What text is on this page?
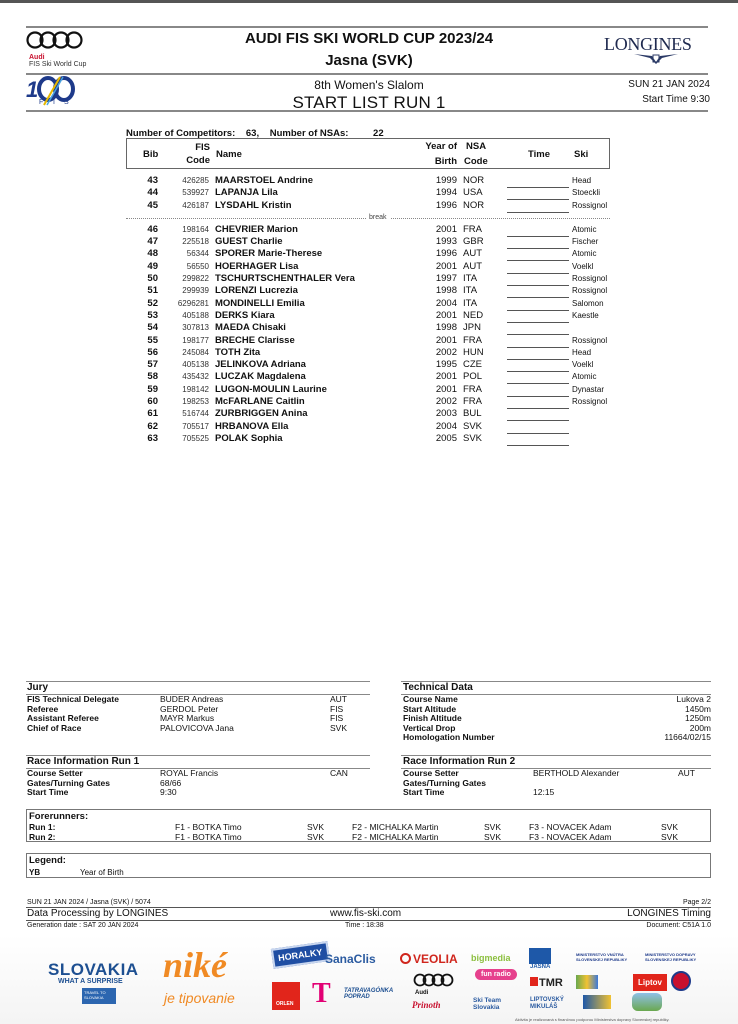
Audi
FIS Ski World Cup
1
F I S
LONGINES
AUDI FIS SKI WORLD CUP 2023/24
Jasna (SVK)
8th Women's Slalom
START LIST RUN 1
SUN 21 JAN 2024
Start Time 9:30
Number of Competitors: 63, Number of NSAs:	22
Bib
FIS
Code
Name
Year of
Birth
NSA
Code
Time	Ski
43	426285 MAARSTOEL Andrine	1999 NOR	Head
44	539927 LAPANJA Lila	1994 USA	Stoeckli
45	426187 LYSDAHL Kristin	1996 NOR	Rossignol
break
46	198164 CHEVRIER Marion	2001 FRA	Atomic
47	225518 GUEST Charlie	1993 GBR	Fischer
48	56344 SPORER Marie-Therese	1996 AUT	Atomic
49	56550 HOERHAGER Lisa	2001 AUT	Voelkl
50	299822 TSCHURTSCHENTHALER Vera	1997 ITA	Rossignol
51	299939 LORENZI Lucrezia	1998 ITA	Rossignol
52	6296281 MONDINELLI Emilia	2004 ITA	Salomon
53	405188 DERKS Kiara	2001 NED	Kaestle
54	307813 MAEDA Chisaki	1998 JPN
55	198177 BRECHE Clarisse	2001 FRA	Rossignol
56	245084 TOTH Zita	2002 HUN	Head
57	405138 JELINKOVA Adriana	1995 CZE	Voelkl
58	435432 LUCZAK Magdalena	2001 POL	Atomic
59	198142 LUGON-MOULIN Laurine	2001 FRA	Dynastar
60	198253 McFARLANE Caitlin	2002 FRA	Rossignol
61	516744 ZURBRIGGEN Anina	2003 BUL
62	705517 HRBANOVA Ella	2004 SVK
63	705525 POLAK Sophia	2005 SVK
Jury
FIS Technical Delegate	BUDER Andreas	AUT
Referee	GERDOL Peter	FIS
Assistant Referee	MAYR Markus	FIS
Chief of Race	PALOVICOVA Jana	SVK
Technical Data
Course Name	Lukova 2
Start Altitude	1450m
Finish Altitude	1250m
Vertical Drop	200m
Homologation Number	11664/02/15
Race Information Run 1
Course Setter	ROYAL Francis	CAN
Gates/Turning Gates	68/66
Start Time	9:30
Race Information Run 2
Course Setter	BERTHOLD Alexander	AUT
Gates/Turning Gates
Start Time	12:15
Forerunners:
Run 1:	F1 - BOTKA Timo	SVK	F2 - MICHALKA Martin	SVK	F3 - NOVACEK Adam	SVK
Run 2:	F1 - BOTKA Timo	SVK	F2 - MICHALKA Martin	SVK	F3 - NOVACEK Adam	SVK
Legend:
YB	Year of Birth
SUN 21 JAN 2024 / Jasna (SVK) / 5074	Page 2/2
Data Processing by LONGINES	www.fis-ski.com	LONGINES Timing
Generation date : SAT 20 JAN 2024	Time : 18:38	Document: C51A 1.0
SLOVAKIA
WHAT A SURPRISE
TRAVEL TO SLOVAKIA
niké
je tipovanie
HORALKY SanaClis	VEOLIA bigmedia
fun radio
JASNA
MINISTERSTVO VNÚTRA SLOVENSKEJ REPUBLIKY
MINISTERSTVO DOPRAVY SLOVENSKEJ REPUBLIKY
ORLEN T TATRAVAGÓNKA POPRAD
Audi
Prinoth	Ski Team Slovakia
TMR	Liptov
LIPTOVSKÝ MIKULÁŠ
Aktivita je realizovaná s finančnou podporou Ministerstva dopravy Slovenskej republiky.
